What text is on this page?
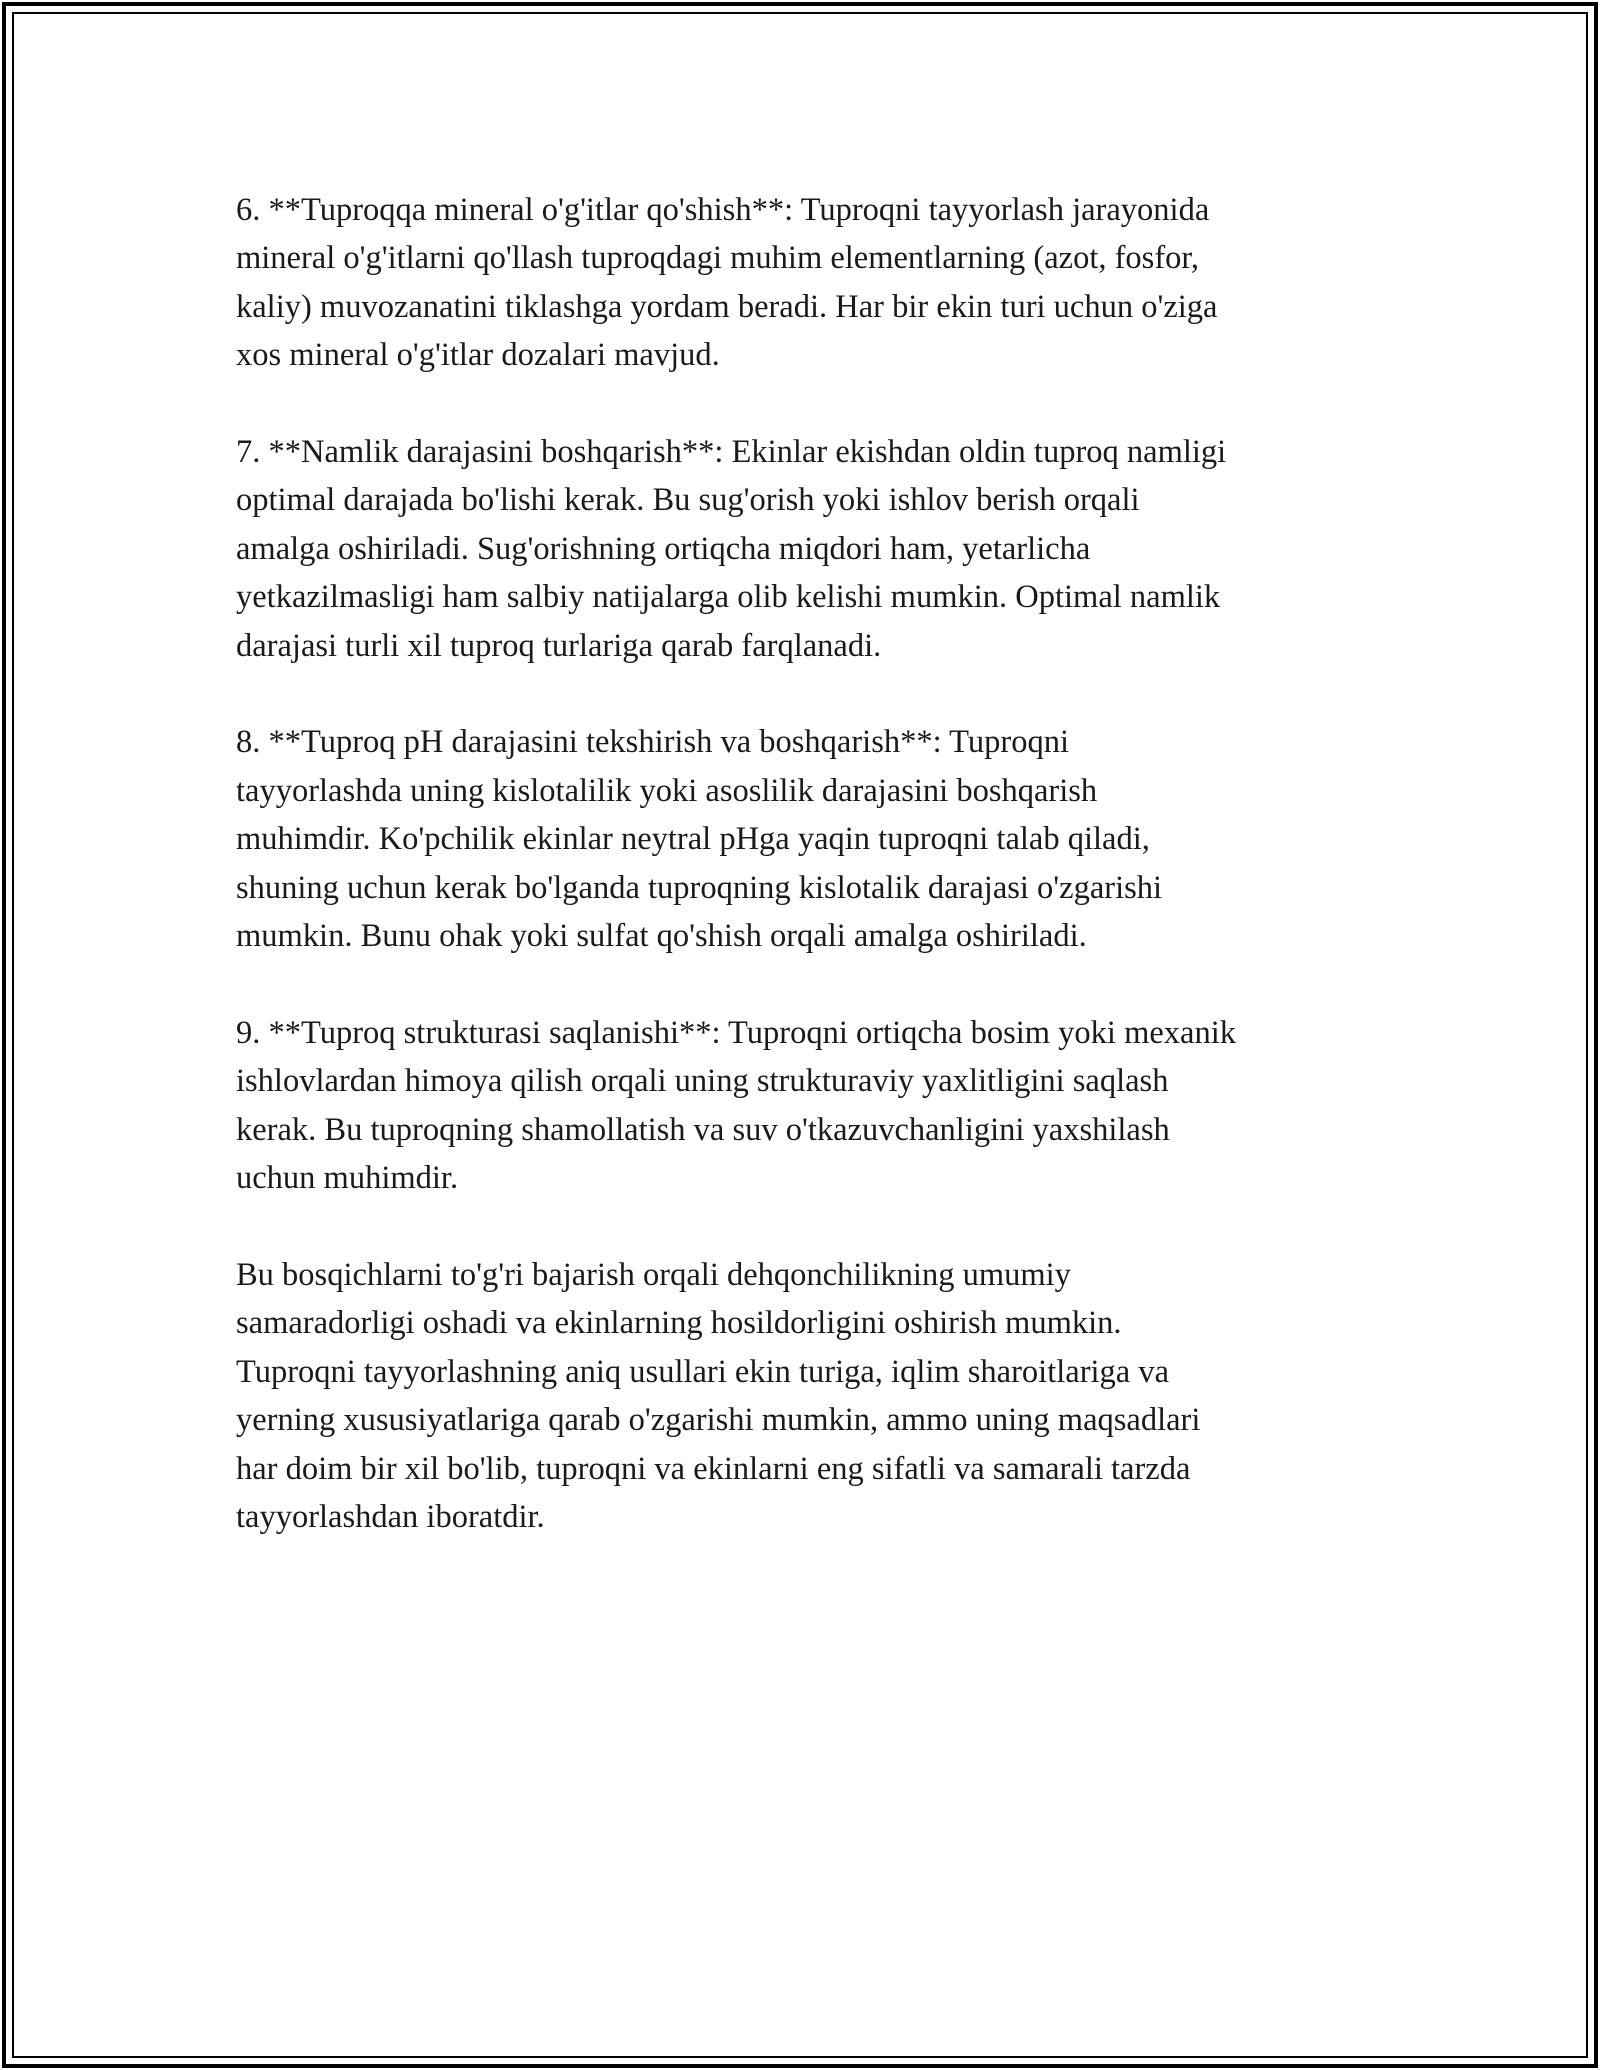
6. **Tuproqqa mineral o'g'itlar qo'shish**: Tuproqni tayyorlash jarayonida
mineral o'g'itlarni qo'llash tuproqdagi muhim elementlarning (azot, fosfor,
kaliy) muvozanatini tiklashga yordam beradi. Har bir ekin turi uchun o'ziga
xos mineral o'g'itlar dozalari mavjud.

7. **Namlik darajasini boshqarish**: Ekinlar ekishdan oldin tuproq namligi
optimal darajada bo'lishi kerak. Bu sug'orish yoki ishlov berish orqali
amalga oshiriladi. Sug'orishning ortiqcha miqdori ham, yetarlicha
yetkazilmasligi ham salbiy natijalarga olib kelishi mumkin. Optimal namlik
darajasi turli xil tuproq turlariga qarab farqlanadi.

8. **Tuproq pH darajasini tekshirish va boshqarish**: Tuproqni
tayyorlashda uning kislotalilik yoki asoslilik darajasini boshqarish
muhimdir. Ko'pchilik ekinlar neytral pHga yaqin tuproqni talab qiladi,
shuning uchun kerak bo'lganda tuproqning kislotalik darajasi o'zgarishi
mumkin. Bunu ohak yoki sulfat qo'shish orqali amalga oshiriladi.

9. **Tuproq strukturasi saqlanishi**: Tuproqni ortiqcha bosim yoki mexanik
ishlovlardan himoya qilish orqali uning strukturaviy yaxlitligini saqlash
kerak. Bu tuproqning shamollatish va suv o'tkazuvchanligini yaxshilash
uchun muhimdir.

Bu bosqichlarni to'g'ri bajarish orqali dehqonchilikning umumiy
samaradorligi oshadi va ekinlarning hosildorligini oshirish mumkin.
Tuproqni tayyorlashning aniq usullari ekin turiga, iqlim sharoitlariga va
yerning xususiyatlariga qarab o'zgarishi mumkin, ammo uning maqsadlari
har doim bir xil bo'lib, tuproqni va ekinlarni eng sifatli va samarali tarzda
tayyorlashdan iboratdir.
